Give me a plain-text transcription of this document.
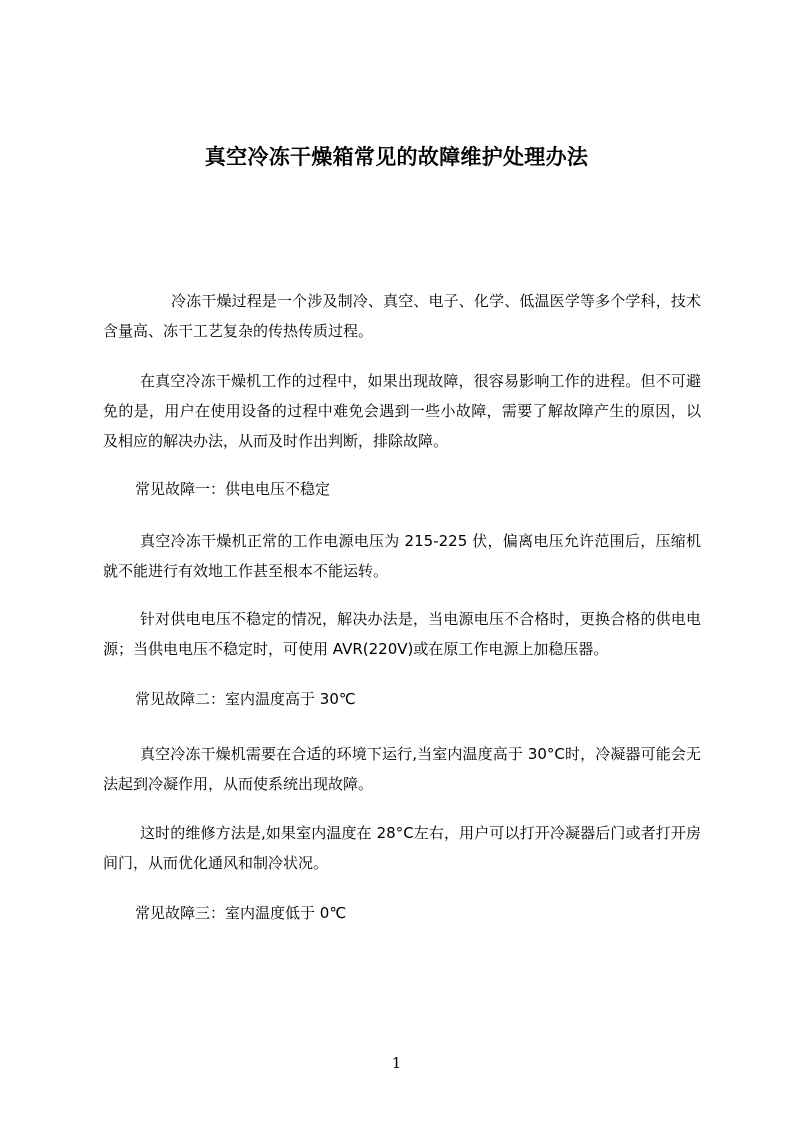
真空冷冻干燥箱常见的故障维护处理办法
冷冻干燥过程是一个涉及制冷、真空、电子、化学、低温医学等多个学科，技术含量高、冻干工艺复杂的传热传质过程。
在真空冷冻干燥机工作的过程中，如果出现故障，很容易影响工作的进程。但不可避免的是，用户在使用设备的过程中难免会遇到一些小故障，需要了解故障产生的原因，以及相应的解决办法，从而及时作出判断，排除故障。
常见故障一：供电电压不稳定
真空冷冻干燥机正常的工作电源电压为 215-225 伏，偏离电压允许范围后，压缩机就不能进行有效地工作甚至根本不能运转。
针对供电电压不稳定的情况，解决办法是，当电源电压不合格时，更换合格的供电电源；当供电电压不稳定时，可使用 AVR(220V)或在原工作电源上加稳压器。
常见故障二：室内温度高于 30℃
真空冷冻干燥机需要在合适的环境下运行,当室内温度高于 30°C时，冷凝器可能会无法起到冷凝作用，从而使系统出现故障。
这时的维修方法是,如果室内温度在 28°C左右，用户可以打开冷凝器后门或者打开房间门，从而优化通风和制冷状况。
常见故障三：室内温度低于 0℃
1
